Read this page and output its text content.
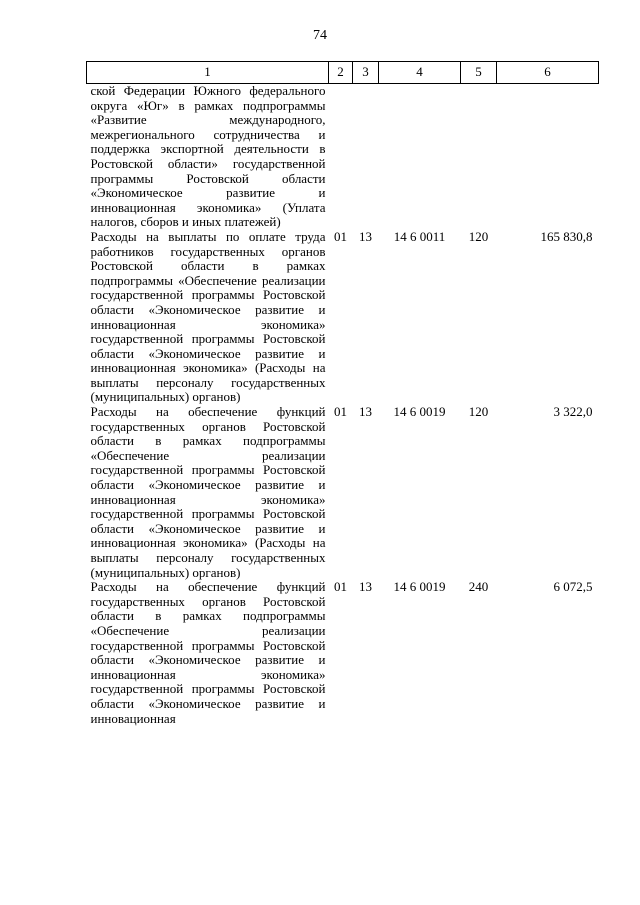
74
1	2	3	4	5	6
ской Федерации Южного федерального округа «Юг» в рамках подпрограммы «Развитие международного, межрегионального сотрудничества и поддержка экспортной деятельности в Ростовской области» государственной программы Ростовской области «Экономическое развитие и инновационная экономика» (Уплата налогов, сборов и иных платежей)					
Расходы на выплаты по оплате труда работников государственных органов Ростовской области в рамках подпрограммы «Обеспечение реализации государственной программы Ростовской области «Экономическое развитие и инновационная экономика» государственной программы Ростовской области «Экономическое развитие и инновационная экономика» (Расходы на выплаты персоналу государственных (муниципальных) органов)	01	13	14 6 0011	120	165 830,8
Расходы на обеспечение функций государственных органов Ростовской области в рамках подпрограммы «Обеспечение реализации государственной программы Ростовской области «Экономическое развитие и инновационная экономика» государственной программы Ростовской области «Экономическое развитие и инновационная экономика» (Расходы на выплаты персоналу государственных (муниципальных) органов)	01	13	14 6 0019	120	3 322,0
Расходы на обеспечение функций государственных органов Ростовской области в рамках подпрограммы «Обеспечение реализации государственной программы Ростовской области «Экономическое развитие и инновационная экономика» государственной программы Ростовской области «Экономическое развитие и инновационная	01	13	14 6 0019	240	6 072,5
